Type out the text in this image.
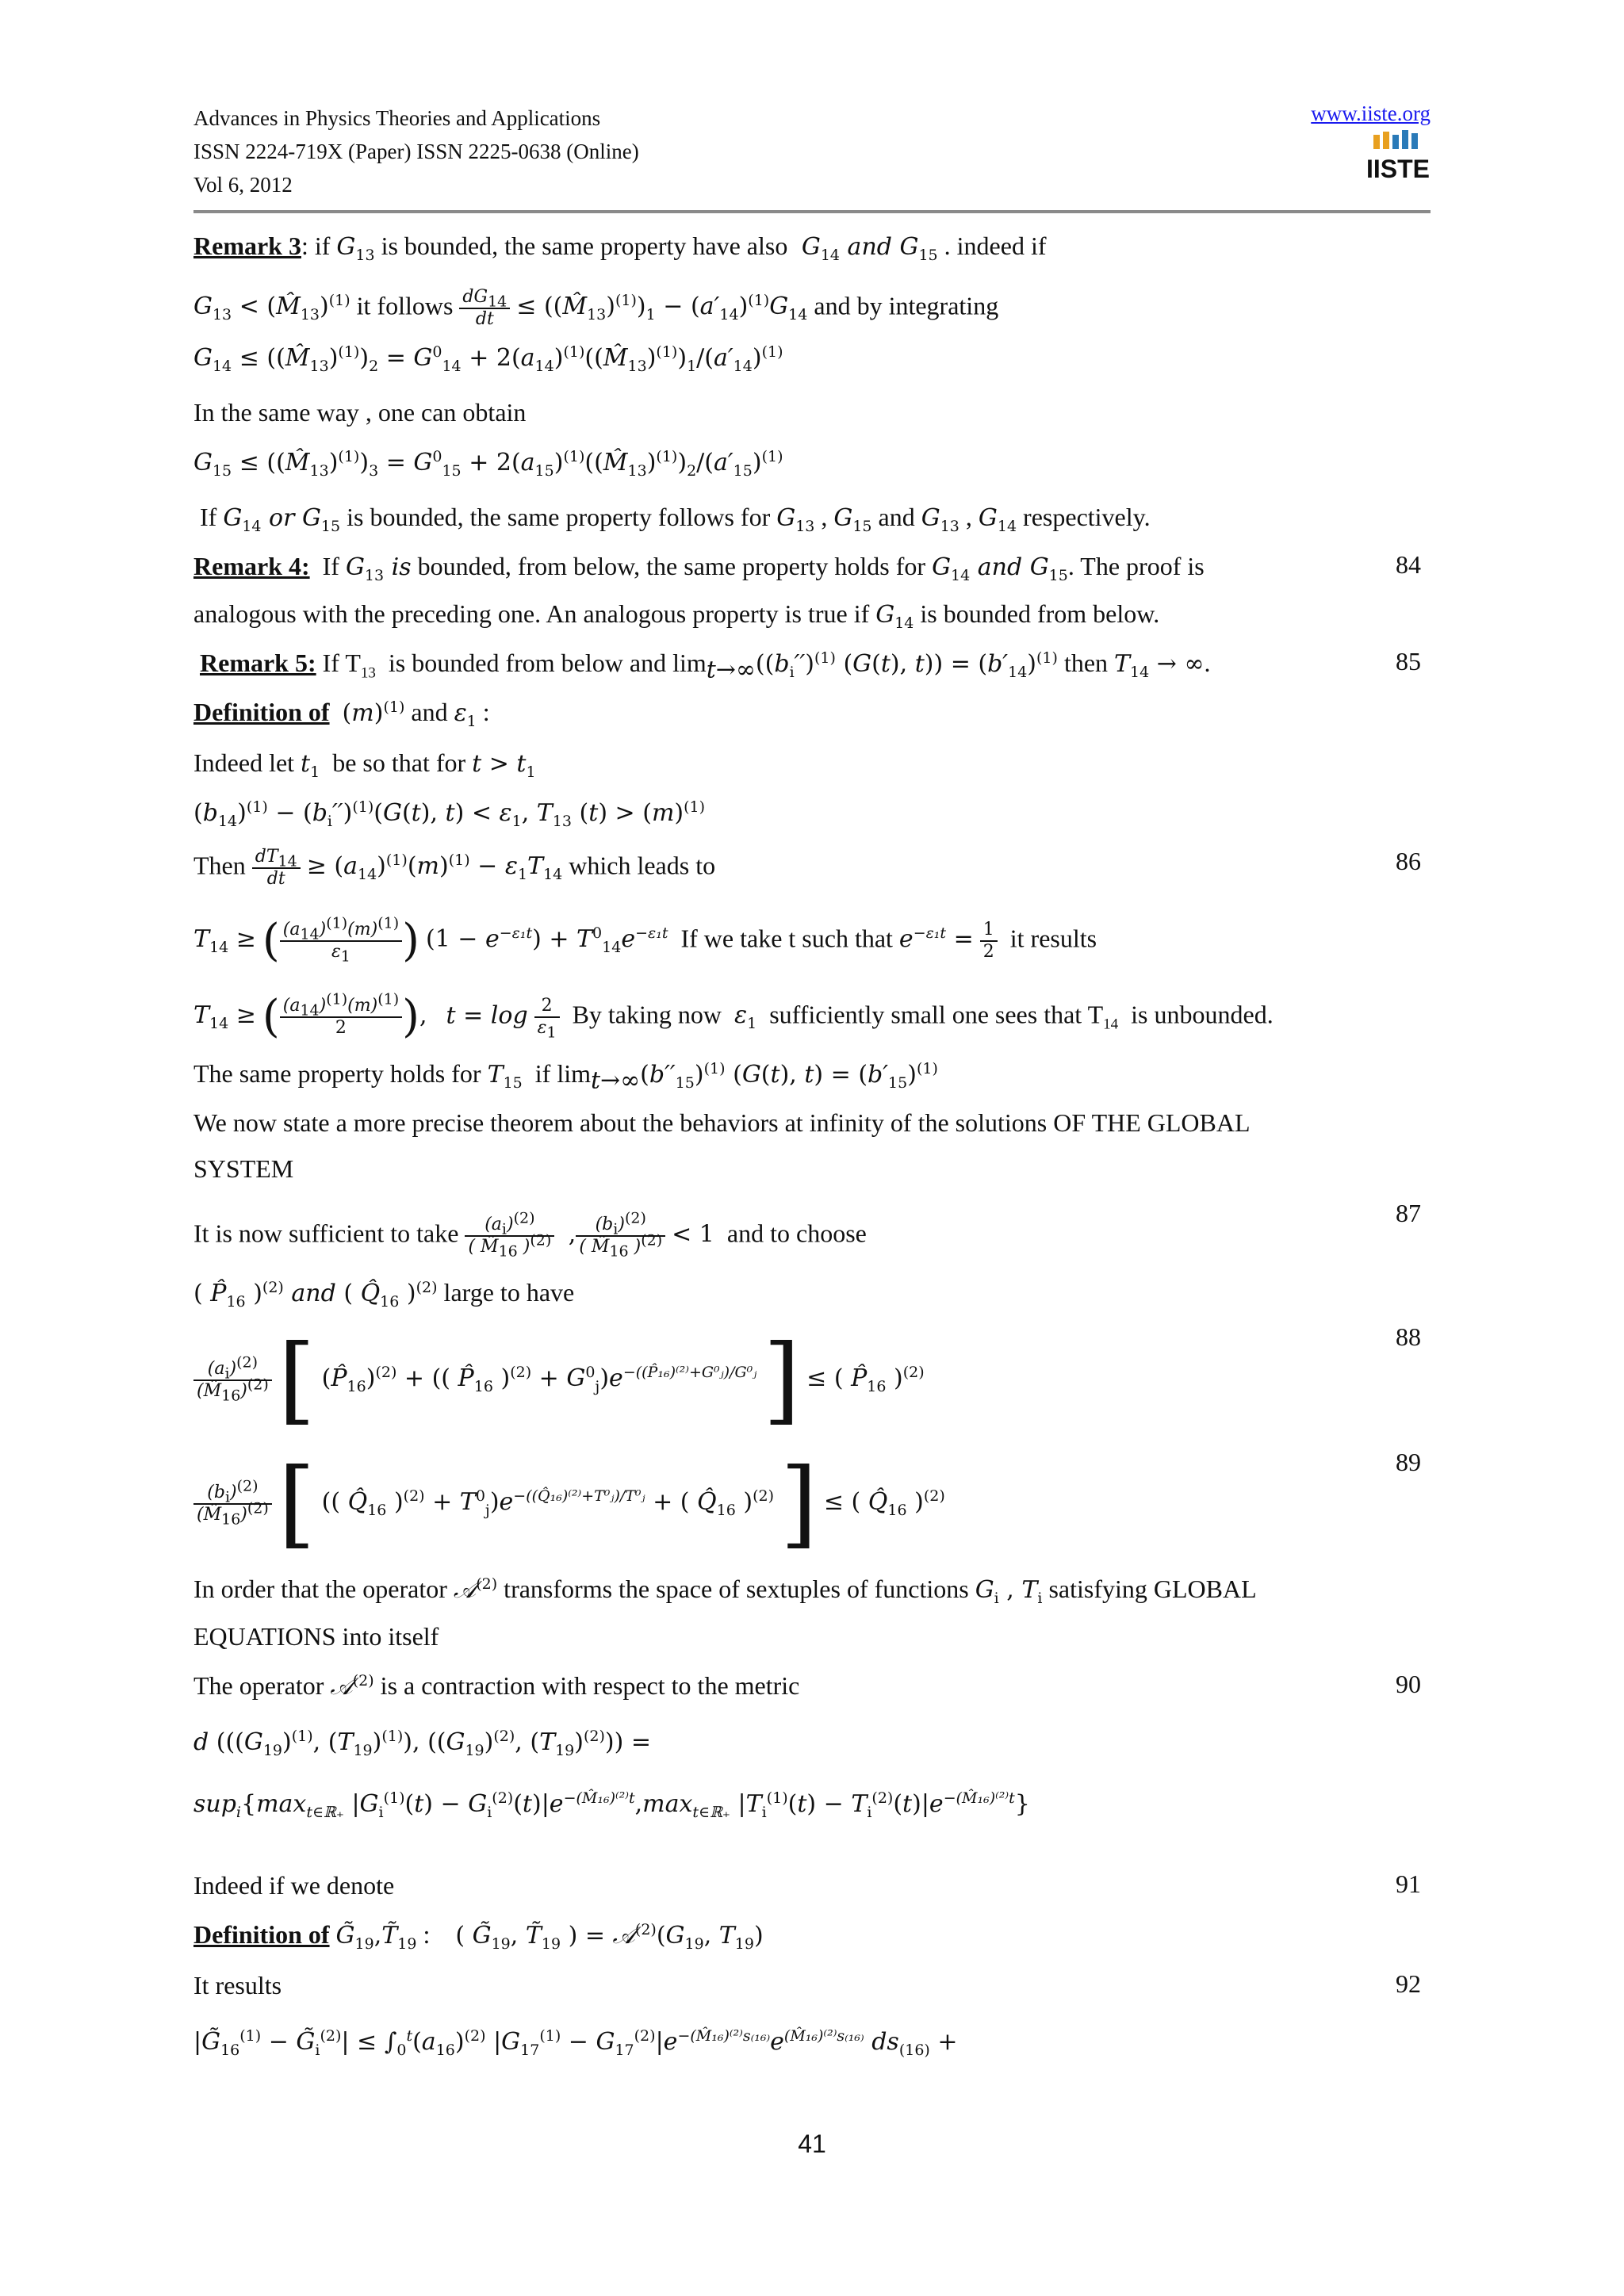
Advances in Physics Theories and Applications
ISSN 2224-719X (Paper) ISSN 2225-0638 (Online)
Vol 6, 2012
www.iiste.org
IISTE
Remark 3: if $G_{13}$ is bounded, the same property have also  $G_{14}$ and $G_{15}$ . indeed if
$G_{13}$ < $(M̂_{13})^{(1)}$ it follows $\frac{dG_{14}}{dt}$ ≤ $((M̂_{13})^{(1)})_1 - (a'_{14})^{(1)}G_{14}$ and by integrating
$G_{14}$ ≤ $((M̂_{13})^{(1)})_2 = G^0_{14}$ + $2(a_{14})^{(1)}((M̂_{13})^{(1)})_1/(a'_{14})^{(1)}$
In the same way , one can obtain
$G_{15}$ ≤ $((M̂_{13})^{(1)})_3 = G^0_{15}$ + $2(a_{15})^{(1)}((M̂_{13})^{(1)})_2/(a'_{15})^{(1)}$
If $G_{14}$ or $G_{15}$ is bounded, the same property follows for $G_{13}$ , $G_{15}$ and $G_{13}$ , $G_{14}$ respectively.
Remark 4: If $G_{13}$ is bounded, from below, the same property holds for $G_{14}$ and $G_{15}$. The proof is	84
analogous with the preceding one. An analogous property is true if $G_{14}$ is bounded from below.
Remark 5: If $T_{13}$ is bounded from below and $\lim_{t\to\infty}((b_i'')^{(1)}$ (G(t), $t)) = (b'_{14})^{(1)}$ then $T_{14}$ → ∞.	85
Definition of $(m)^{(1)}$ and $\varepsilon_1$ :
Indeed let $t_1$ be so that for $t > t_1$
$(b_{14})^{(1)} - (b_i'')^{(1)}(G(t)$, $t) < \varepsilon_1$, $T_{13}$ $(t) > (m)^{(1)}$
Then $\frac{dT_{14}}{dt} \ge (a_{14})^{(1)}(m)^{(1)} - \varepsilon_1T_{14}$ which leads to	86
$T_{14}$ ≥ ( $\frac{(a_{14})^{(1)}(m)^{(1)}}{\varepsilon_1}$ ) $(1 - e^{-\varepsilon_1t}) + T^0_{14}e^{-\varepsilon_1t}$ If we take t such that $e^{-\varepsilon_1t} = \frac{1}{2}$ it results
$T_{14}$ ≥ ( $\frac{(a_{14})^{(1)}(m)^{(1)}}{2}$ ), $t = \log \frac{2}{\varepsilon_1}$ By taking now $\varepsilon_1$ sufficiently small one sees that $T_{14}$ is unbounded.
The same property holds for $T_{15}$ if $\lim_{t\to\infty}(b''_{15})^{(1)}$ (G(t), $t) = (b'_{15})^{(1)}$
We now state a more precise theorem about the behaviors at infinity of the solutions OF THE GLOBAL
SYSTEM
It is now sufficient to take $\frac{(a_i)^{(2)}}{( M̂_{16} )^{(2)}}$ , $\frac{(b_i)^{(2)}}{( M̂_{16} )^{(2)}} < 1$ and to choose
87
( $P̂_{16}$ )$^{(2)}$ and ( $Q̂_{16}$ )$^{(2)}$ large to have
$\frac{(a_i)^{(2)}}{(M̂_{16})^{(2)}}$ [ $(P̂_{16})^{(2)}$ + (( $P̂_{16}$ )$^{(2)} + G^0_j)e^{-((P̂_{16})^{(2)}+G^0ⱼ)/G^0ⱼ}$ ] ≤ ( $P̂_{16}$ )$^{(2)}$
88
$\frac{(b_i)^{(2)}}{(M̂_{16})^{(2)}}$ [ (( $Q̂_{16}$ )$^{(2)} + T^0_j)e^{-((Q̂_{16})^{(2)}+T^0ⱼ)/T^0ⱼ}$ + ( $Q̂_{16}$ )$^{(2)}$ ] ≤ ( $Q̂_{16}$ )$^{(2)}$
89
In order that the operator 𝒜$^{(2)}$ transforms the space of sextuples of functions $G_i$ , $T_i$ satisfying GLOBAL
EQUATIONS into itself
The operator 𝒜$^{(2)}$ is a contraction with respect to the metric	90
d (($(G_{19})^{(1)}$, $(T_{19})^{(1)}$), ($(G_{19})^{(2)}$, $(T_{19})^{(2)}$)) =
$sup_i\{\max_{t\in ℝ_+}$ $|G_i^{(1)}(t) - G_i^{(2)}(t)|e^{-(M̂_{16})^{(2)}t},\max_{t\in ℝ_+}$ $|T_i^{(1)}(t) - T_i^{(2)}(t)|e^{-(M̂_{16})^{(2)}t}$}
Indeed if we denote	91
Definition of $G̃_{19},T̃_{19}$ :    ( $G̃_{19}$, $T̃_{19}$ ) = $𝒜^{(2)}(G_{19}$, $T_{19}$)
It results	92
$|G̃_{16}^{(1)}$ − $G̃_i^{(2)}| \le \int_0^t(a_{16})^{(2)}$ $|G_{17}^{(1)} - G_{17}^{(2)}|e^{-(M̂_{16})^{(2)}s_{(16)}}e^{(M̂_{16})^{(2)}s_{(16)}}$ $ds_{(16)}$ +
41
